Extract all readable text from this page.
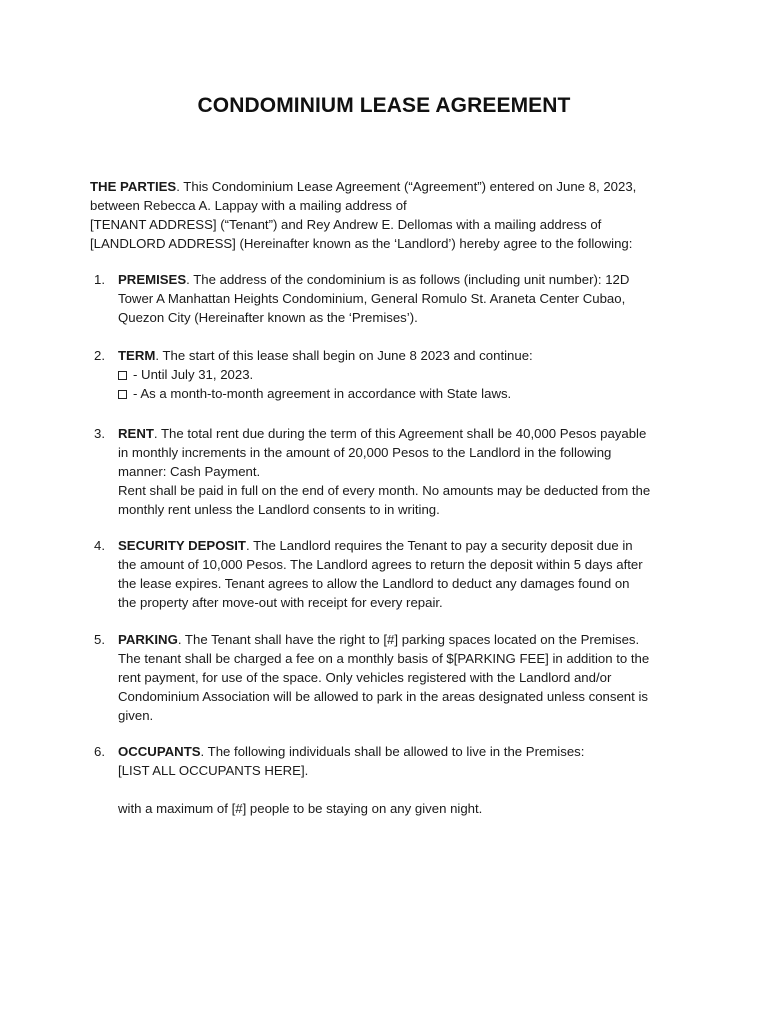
CONDOMINIUM LEASE AGREEMENT
THE PARTIES. This Condominium Lease Agreement (“Agreement”) entered on June 8, 2023,
between Rebecca A. Lappay with a mailing address of
[TENANT ADDRESS] (“Tenant”) and Rey Andrew E. Dellomas with a mailing address of
[LANDLORD ADDRESS] (Hereinafter known as the ‘Landlord’) hereby agree to the following:
1. PREMISES. The address of the condominium is as follows (including unit number): 12D
Tower A Manhattan Heights Condominium, General Romulo St. Araneta Center Cubao,
Quezon City (Hereinafter known as the ‘Premises’).
2. TERM. The start of this lease shall begin on June 8 2023 and continue:
- Until July 31, 2023.
- As a month-to-month agreement in accordance with State laws.
3. RENT. The total rent due during the term of this Agreement shall be 40,000 Pesos payable
in monthly increments in the amount of 20,000 Pesos to the Landlord in the following
manner: Cash Payment.
Rent shall be paid in full on the end of every month. No amounts may be deducted from the
monthly rent unless the Landlord consents to in writing.
4. SECURITY DEPOSIT. The Landlord requires the Tenant to pay a security deposit due in
the amount of 10,000 Pesos. The Landlord agrees to return the deposit within 5 days after
the lease expires. Tenant agrees to allow the Landlord to deduct any damages found on
the property after move-out with receipt for every repair.
5. PARKING. The Tenant shall have the right to [#] parking spaces located on the Premises.
The tenant shall be charged a fee on a monthly basis of $[PARKING FEE] in addition to the
rent payment, for use of the space. Only vehicles registered with the Landlord and/or
Condominium Association will be allowed to park in the areas designated unless consent is
given.
6. OCCUPANTS. The following individuals shall be allowed to live in the Premises:
[LIST ALL OCCUPANTS HERE].
with a maximum of [#] people to be staying on any given night.
